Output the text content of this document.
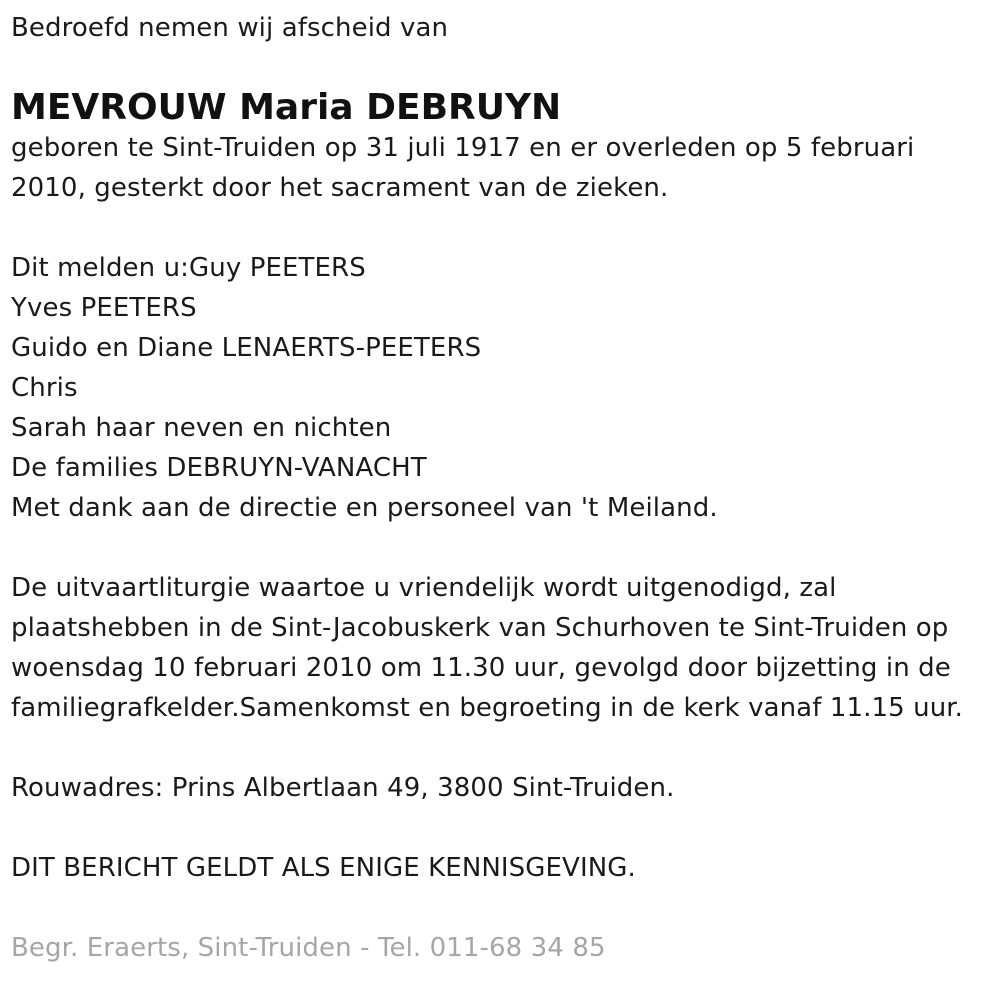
Bedroefd nemen wij afscheid van
MEVROUW Maria DEBRUYN
geboren te Sint-Truiden op 31 juli 1917 en er overleden op 5 februari
2010, gesterkt door het sacrament van de zieken.
Dit melden u:Guy PEETERS
Yves PEETERS
Guido en Diane LENAERTS-PEETERS
Chris
Sarah haar neven en nichten
De families DEBRUYN-VANACHT
Met dank aan de directie en personeel van 't Meiland.
De uitvaartliturgie waartoe u vriendelijk wordt uitgenodigd, zal
plaatshebben in de Sint-Jacobuskerk van Schurhoven te Sint-Truiden op
woensdag 10 februari 2010 om 11.30 uur, gevolgd door bijzetting in de
familiegrafkelder.Samenkomst en begroeting in de kerk vanaf 11.15 uur.
Rouwadres: Prins Albertlaan 49, 3800 Sint-Truiden.
DIT BERICHT GELDT ALS ENIGE KENNISGEVING.
Begr. Eraerts, Sint-Truiden - Tel. 011-68 34 85
